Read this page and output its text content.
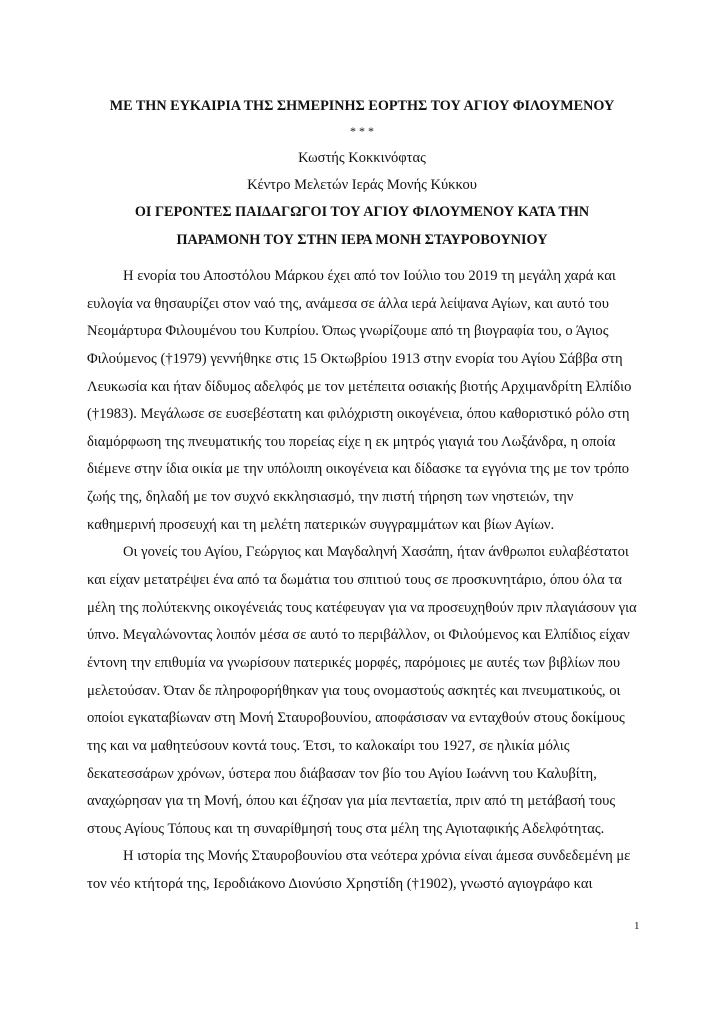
ΜΕ ΤΗΝ ΕΥΚΑΙΡΙΑ ΤΗΣ ΣΗΜΕΡΙΝΗΣ ΕΟΡΤΗΣ ΤΟΥ ΑΓΙΟΥ ΦΙΛΟΥΜΕΝΟΥ
* * *
Κωστής Κοκκινόφτας
Κέντρο Μελετών Ιεράς Μονής Κύκκου
ΟΙ ΓΕΡΟΝΤΕΣ ΠΑΙΔΑΓΩΓΟΙ ΤΟΥ ΑΓΙΟΥ ΦΙΛΟΥΜΕΝΟΥ ΚΑΤΑ ΤΗΝ
ΠΑΡΑΜΟΝΗ ΤΟΥ ΣΤΗΝ ΙΕΡΑ ΜΟΝΗ ΣΤΑΥΡΟΒΟΥΝΙΟΥ
Η ενορία του Αποστόλου Μάρκου έχει από τον Ιούλιο του 2019 τη μεγάλη χαρά και
ευλογία να θησαυρίζει στον ναό της, ανάμεσα σε άλλα ιερά λείψανα Αγίων, και αυτό του
Νεομάρτυρα Φιλουμένου του Κυπρίου. Όπως γνωρίζουμε από τη βιογραφία του, ο Άγιος
Φιλούμενος (†1979) γεννήθηκε στις 15 Οκτωβρίου 1913 στην ενορία του Αγίου Σάββα στη
Λευκωσία και ήταν δίδυμος αδελφός με τον μετέπειτα οσιακής βιοτής Αρχιμανδρίτη Ελπίδιο
(†1983). Μεγάλωσε σε ευσεβέστατη και φιλόχριστη οικογένεια, όπου καθοριστικό ρόλο στη
διαμόρφωση της πνευματικής του πορείας είχε η εκ μητρός γιαγιά του Λωξάνδρα, η οποία
διέμενε στην ίδια οικία με την υπόλοιπη οικογένεια και δίδασκε τα εγγόνια της με τον τρόπο
ζωής της, δηλαδή με τον συχνό εκκλησιασμό, την πιστή τήρηση των νηστειών, την
καθημερινή προσευχή και τη μελέτη πατερικών συγγραμμάτων και βίων Αγίων.
Οι γονείς του Αγίου, Γεώργιος και Μαγδαληνή Χασάπη, ήταν άνθρωποι ευλαβέστατοι
και είχαν μετατρέψει ένα από τα δωμάτια του σπιτιού τους σε προσκυνητάριο, όπου όλα τα
μέλη της πολύτεκνης οικογένειάς τους κατέφευγαν για να προσευχηθούν πριν πλαγιάσουν για
ύπνο. Μεγαλώνοντας λοιπόν μέσα σε αυτό το περιβάλλον, οι Φιλούμενος και Ελπίδιος είχαν
έντονη την επιθυμία να γνωρίσουν πατερικές μορφές, παρόμοιες με αυτές των βιβλίων που
μελετούσαν. Όταν δε πληροφορήθηκαν για τους ονομαστούς ασκητές και πνευματικούς, οι
οποίοι εγκαταβίωναν στη Μονή Σταυροβουνίου, αποφάσισαν να ενταχθούν στους δοκίμους
της και να μαθητεύσουν κοντά τους. Έτσι, το καλοκαίρι του 1927, σε ηλικία μόλις
δεκατεσσάρων χρόνων, ύστερα που διάβασαν τον βίο του Αγίου Ιωάννη του Καλυβίτη,
αναχώρησαν για τη Μονή, όπου και έζησαν για μία πενταετία, πριν από τη μετάβασή τους
στους Αγίους Τόπους και τη συναρίθμησή τους στα μέλη της Αγιοταφικής Αδελφότητας.
Η ιστορία της Μονής Σταυροβουνίου στα νεότερα χρόνια είναι άμεσα συνδεδεμένη με
τον νέο κτήτορά της, Ιεροδιάκονο Διονύσιο Χρηστίδη (†1902), γνωστό αγιογράφο και
1
